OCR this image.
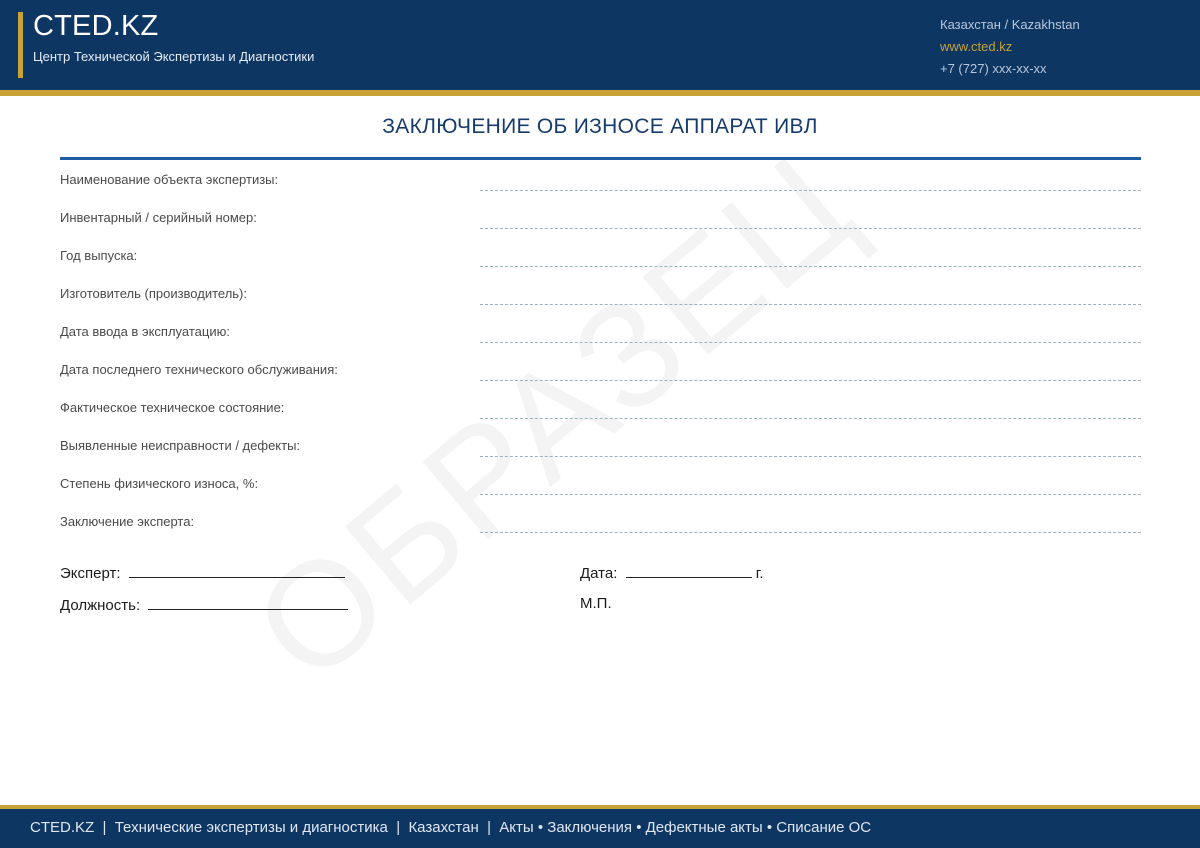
CTED.KZ
Центр Технической Экспертизы и Диагностики
Казахстан / Kazakhstan
www.cted.kz
+7 (727) xxx-xx-xx
ЗАКЛЮЧЕНИЕ ОБ ИЗНОСЕ АППАРАТ ИВЛ
Наименование объекта экспертизы:
Инвентарный / серийный номер:
Год выпуска:
Изготовитель (производитель):
Дата ввода в эксплуатацию:
Дата последнего технического обслуживания:
Фактическое техническое состояние:
Выявленные неисправности / дефекты:
Степень физического износа, %:
Заключение эксперта:
Эксперт:
Должность:
Дата:	г.
М.П.
CTED.KZ  |  Технические экспертизы и диагностика  |  Казахстан  |  Акты • Заключения • Дефектные акты • Списание ОС
